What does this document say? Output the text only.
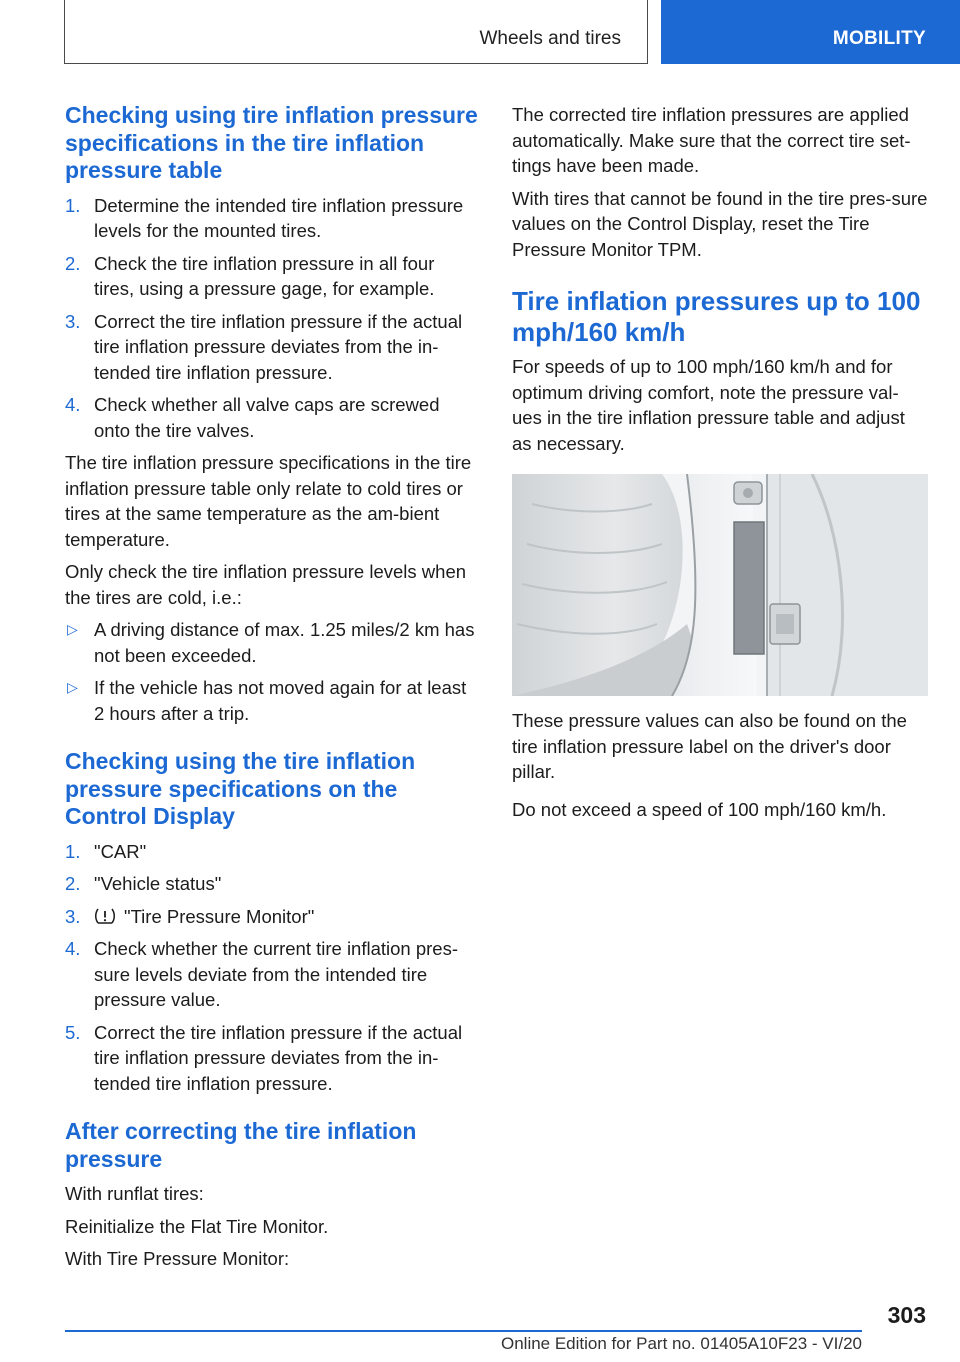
Wheels and tires	MOBILITY
Checking using tire inflation pressure specifications in the tire inflation pressure table
1. Determine the intended tire inflation pressure levels for the mounted tires.
2. Check the tire inflation pressure in all four tires, using a pressure gage, for example.
3. Correct the tire inflation pressure if the actual tire inflation pressure deviates from the in-tended tire inflation pressure.
4. Check whether all valve caps are screwed onto the tire valves.
The tire inflation pressure specifications in the tire inflation pressure table only relate to cold tires or tires at the same temperature as the am-bient temperature.
Only check the tire inflation pressure levels when the tires are cold, i.e.:
▷ A driving distance of max. 1.25 miles/2 km has not been exceeded.
▷ If the vehicle has not moved again for at least 2 hours after a trip.
Checking using the tire inflation pressure specifications on the Control Display
1. "CAR"
2. "Vehicle status"
3. "Tire Pressure Monitor"
4. Check whether the current tire inflation pres-sure levels deviate from the intended tire pressure value.
5. Correct the tire inflation pressure if the actual tire inflation pressure deviates from the in-tended tire inflation pressure.
After correcting the tire inflation pressure
With runflat tires:
Reinitialize the Flat Tire Monitor.
With Tire Pressure Monitor:
The corrected tire inflation pressures are applied automatically. Make sure that the correct tire set-tings have been made.
With tires that cannot be found in the tire pres-sure values on the Control Display, reset the Tire Pressure Monitor TPM.
Tire inflation pressures up to 100 mph/160 km/h
For speeds of up to 100 mph/160 km/h and for optimum driving comfort, note the pressure val-ues in the tire inflation pressure table and adjust as necessary.
These pressure values can also be found on the tire inflation pressure label on the driver's door pillar.
Do not exceed a speed of 100 mph/160 km/h.
303
Online Edition for Part no. 01405A10F23 - VI/20
